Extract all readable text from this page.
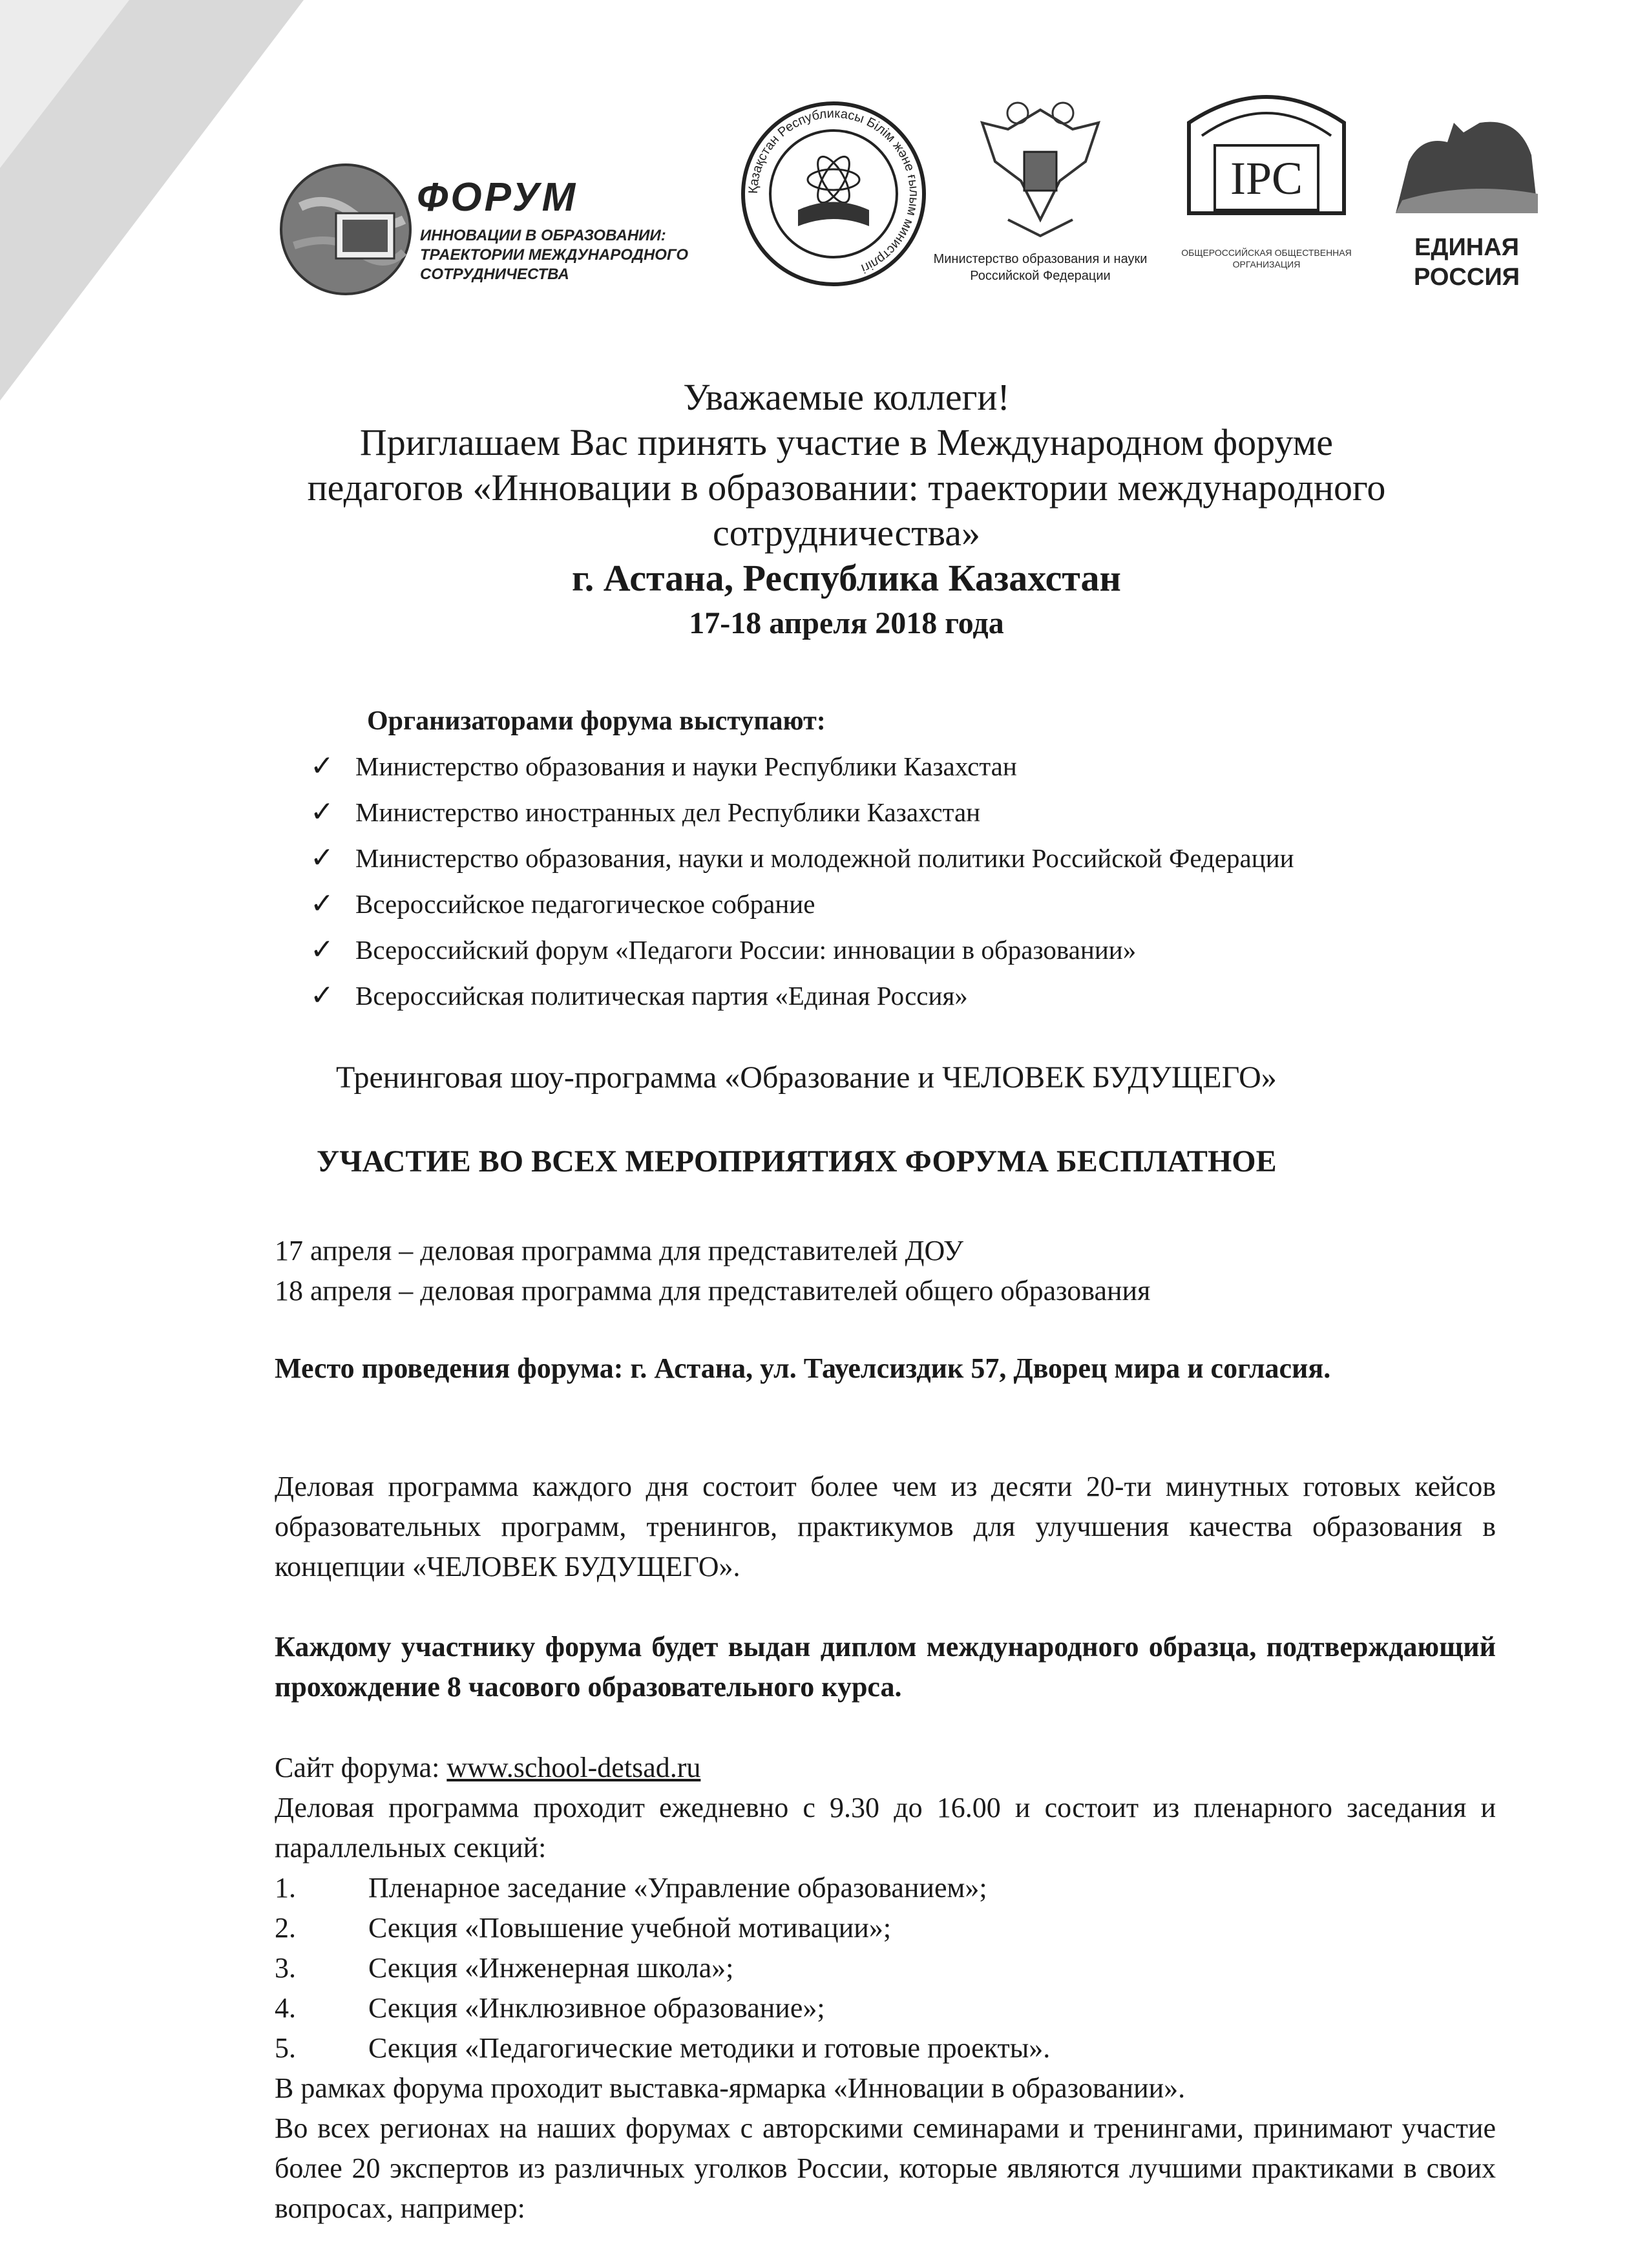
ФОРУМ
ИННОВАЦИИ В ОБРАЗОВАНИИ: ТРАЕКТОРИИ МЕЖДУНАРОДНОГО СОТРУДНИЧЕСТВА
Қазақстан Республикасы Білім және ғылым министрлігі
Министерство образования и науки Российской Федерации
ΙΡС
ОБЩЕРОССИЙСКАЯ ОБЩЕСТВЕННАЯ ОРГАНИЗАЦИЯ
ЕДИНАЯ
РОССИЯ
Уважаемые коллеги!
Приглашаем Вас принять участие в Международном форуме
педагогов «Инновации в образовании: траектории международного
сотрудничества»
г. Астана, Республика Казахстан
17-18 апреля 2018 года
Организаторами форума выступают:
✓ Министерство образования и науки Республики Казахстан
✓ Министерство иностранных дел Республики Казахстан
✓ Министерство образования, науки и молодежной политики Российской Федерации
✓ Всероссийское педагогическое собрание
✓ Всероссийский форум «Педагоги России: инновации в образовании»
✓ Всероссийская политическая партия «Единая Россия»
Тренинговая шоу-программа «Образование и ЧЕЛОВЕК БУДУЩЕГО»
УЧАСТИЕ ВО ВСЕХ МЕРОПРИЯТИЯХ ФОРУМА БЕСПЛАТНОЕ
17 апреля – деловая программа для представителей ДОУ
18 апреля – деловая программа для представителей общего образования
Место проведения форума: г. Астана, ул. Тауелсиздик 57, Дворец мира и согласия.
Деловая программа каждого дня состоит более чем из десяти 20-ти минутных готовых кейсов образовательных программ, тренингов, практикумов для улучшения качества образования в концепции «ЧЕЛОВЕК БУДУЩЕГО».
Каждому участнику форума будет выдан диплом международного образца, подтверждающий прохождение 8 часового образовательного курса.
Сайт форума: www.school-detsad.ru
Деловая программа проходит ежедневно с 9.30 до 16.00 и состоит из пленарного заседания и параллельных секций:
1.	Пленарное заседание «Управление образованием»;
2.	Секция «Повышение учебной мотивации»;
3.	Секция «Инженерная школа»;
4.	Секция «Инклюзивное образование»;
5.	Секция «Педагогические методики и готовые проекты».
В рамках форума проходит выставка-ярмарка «Инновации в образовании».
Во всех регионах на наших форумах с авторскими семинарами и тренингами, принимают участие более 20 экспертов из различных уголков России, которые являются лучшими практиками в своих вопросах, например:
